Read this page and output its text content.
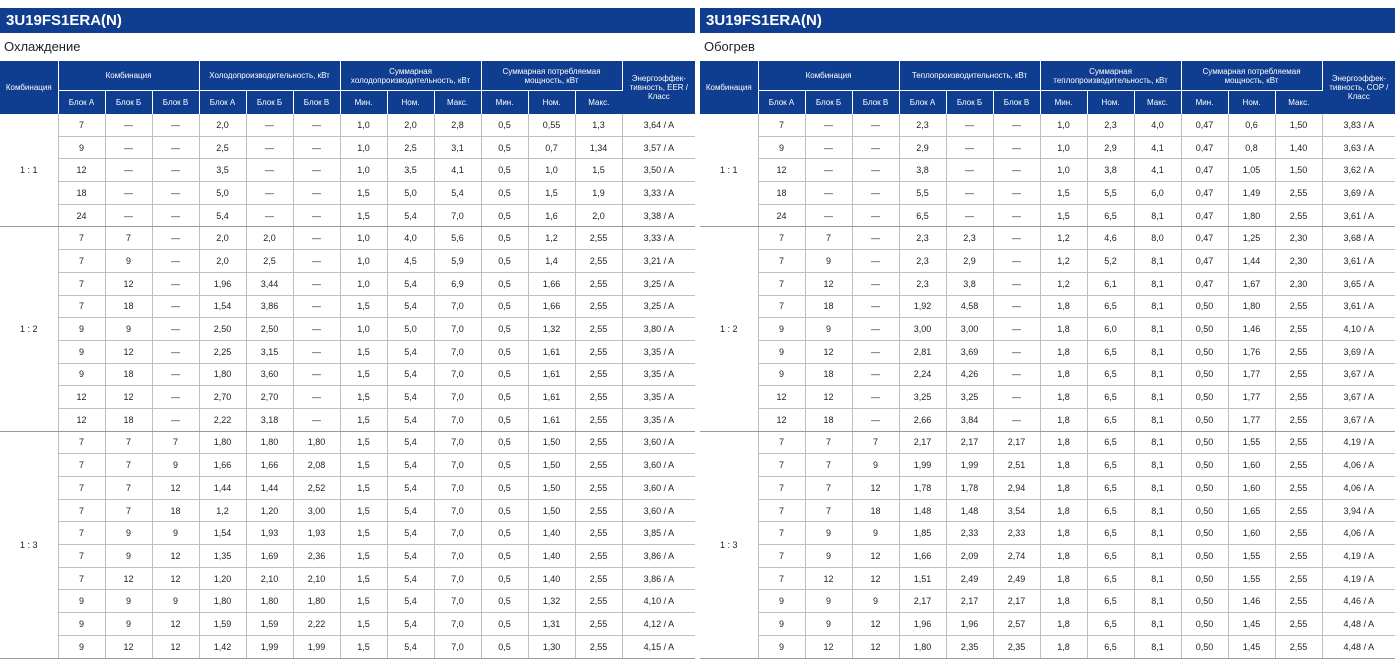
3U19FS1ERA(N)
Охлаждение
Комбинация	Комбинация			Холодопроизводительность, кВт			Суммарная холодопроизводительность, кВт			Суммарная потребляемая мощность, кВт			Энергоэффек-тивность, EER / Класс
	Блок А	Блок Б	Блок В	Блок А	Блок Б	Блок В	Мин.	Ном.	Макс.	Мин.	Ном.	Макс.	
1 : 1	7	—	—	2,0	—	—	1,0	2,0	2,8	0,5	0,55	1,3	3,64 / A
	9	—	—	2,5	—	—	1,0	2,5	3,1	0,5	0,7	1,34	3,57 / A
	12	—	—	3,5	—	—	1,0	3,5	4,1	0,5	1,0	1,5	3,50 / A
	18	—	—	5,0	—	—	1,5	5,0	5,4	0,5	1,5	1,9	3,33 / A
	24	—	—	5,4	—	—	1,5	5,4	7,0	0,5	1,6	2,0	3,38 / A
1 : 2	7	7	—	2,0	2,0	—	1,0	4,0	5,6	0,5	1,2	2,55	3,33 / A
	7	9	—	2,0	2,5	—	1,0	4,5	5,9	0,5	1,4	2,55	3,21 / A
	7	12	—	1,96	3,44	—	1,0	5,4	6,9	0,5	1,66	2,55	3,25 / A
	7	18	—	1,54	3,86	—	1,5	5,4	7,0	0,5	1,66	2,55	3,25 / A
	9	9	—	2,50	2,50	—	1,0	5,0	7,0	0,5	1,32	2,55	3,80 / A
	9	12	—	2,25	3,15	—	1,5	5,4	7,0	0,5	1,61	2,55	3,35 / A
	9	18	—	1,80	3,60	—	1,5	5,4	7,0	0,5	1,61	2,55	3,35 / A
	12	12	—	2,70	2,70	—	1,5	5,4	7,0	0,5	1,61	2,55	3,35 / A
	12	18	—	2,22	3,18	—	1,5	5,4	7,0	0,5	1,61	2,55	3,35 / A
1 : 3	7	7	7	1,80	1,80	1,80	1,5	5,4	7,0	0,5	1,50	2,55	3,60 / A
	7	7	9	1,66	1,66	2,08	1,5	5,4	7,0	0,5	1,50	2,55	3,60 / A
	7	7	12	1,44	1,44	2,52	1,5	5,4	7,0	0,5	1,50	2,55	3,60 / A
	7	7	18	1,2	1,20	3,00	1,5	5,4	7,0	0,5	1,50	2,55	3,60 / A
	7	9	9	1,54	1,93	1,93	1,5	5,4	7,0	0,5	1,40	2,55	3,85 / A
	7	9	12	1,35	1,69	2,36	1,5	5,4	7,0	0,5	1,40	2,55	3,86 / A
	7	12	12	1,20	2,10	2,10	1,5	5,4	7,0	0,5	1,40	2,55	3,86 / A
	9	9	9	1,80	1,80	1,80	1,5	5,4	7,0	0,5	1,32	2,55	4,10 / A
	9	9	12	1,59	1,59	2,22	1,5	5,4	7,0	0,5	1,31	2,55	4,12 / A
	9	12	12	1,42	1,99	1,99	1,5	5,4	7,0	0,5	1,30	2,55	4,15 / A
3U19FS1ERA(N)
Обогрев
Комбинация	Комбинация			Теплопроизводительность, кВт			Суммарная теплопроизводительность, кВт			Суммарная потребляемая мощность, кВт			Энергоэффек-тивность, COP / Класс
	Блок А	Блок Б	Блок В	Блок А	Блок Б	Блок В	Мин.	Ном.	Макс.	Мин.	Ном.	Макс.	
1 : 1	7	—	—	2,3	—	—	1,0	2,3	4,0	0,47	0,6	1,50	3,83 / A
	9	—	—	2,9	—	—	1,0	2,9	4,1	0,47	0,8	1,40	3,63 / A
	12	—	—	3,8	—	—	1,0	3,8	4,1	0,47	1,05	1,50	3,62 / A
	18	—	—	5,5	—	—	1,5	5,5	6,0	0,47	1,49	2,55	3,69 / A
	24	—	—	6,5	—	—	1,5	6,5	8,1	0,47	1,80	2,55	3,61 / A
1 : 2	7	7	—	2,3	2,3	—	1,2	4,6	8,0	0,47	1,25	2,30	3,68 / A
	7	9	—	2,3	2,9	—	1,2	5,2	8,1	0,47	1,44	2,30	3,61 / A
	7	12	—	2,3	3,8	—	1,2	6,1	8,1	0,47	1,67	2,30	3,65 / A
	7	18	—	1,92	4,58	—	1,8	6,5	8,1	0,50	1,80	2,55	3,61 / A
	9	9	—	3,00	3,00	—	1,8	6,0	8,1	0,50	1,46	2,55	4,10 / A
	9	12	—	2,81	3,69	—	1,8	6,5	8,1	0,50	1,76	2,55	3,69 / A
	9	18	—	2,24	4,26	—	1,8	6,5	8,1	0,50	1,77	2,55	3,67 / A
	12	12	—	3,25	3,25	—	1,8	6,5	8,1	0,50	1,77	2,55	3,67 / A
	12	18	—	2,66	3,84	—	1,8	6,5	8,1	0,50	1,77	2,55	3,67 / A
1 : 3	7	7	7	2,17	2,17	2,17	1,8	6,5	8,1	0,50	1,55	2,55	4,19 / A
	7	7	9	1,99	1,99	2,51	1,8	6,5	8,1	0,50	1,60	2,55	4,06 / A
	7	7	12	1,78	1,78	2,94	1,8	6,5	8,1	0,50	1,60	2,55	4,06 / A
	7	7	18	1,48	1,48	3,54	1,8	6,5	8,1	0,50	1,65	2,55	3,94 / A
	7	9	9	1,85	2,33	2,33	1,8	6,5	8,1	0,50	1,60	2,55	4,06 / A
	7	9	12	1,66	2,09	2,74	1,8	6,5	8,1	0,50	1,55	2,55	4,19 / A
	7	12	12	1,51	2,49	2,49	1,8	6,5	8,1	0,50	1,55	2,55	4,19 / A
	9	9	9	2,17	2,17	2,17	1,8	6,5	8,1	0,50	1,46	2,55	4,46 / A
	9	9	12	1,96	1,96	2,57	1,8	6,5	8,1	0,50	1,45	2,55	4,48 / A
	9	12	12	1,80	2,35	2,35	1,8	6,5	8,1	0,50	1,45	2,55	4,48 / A
